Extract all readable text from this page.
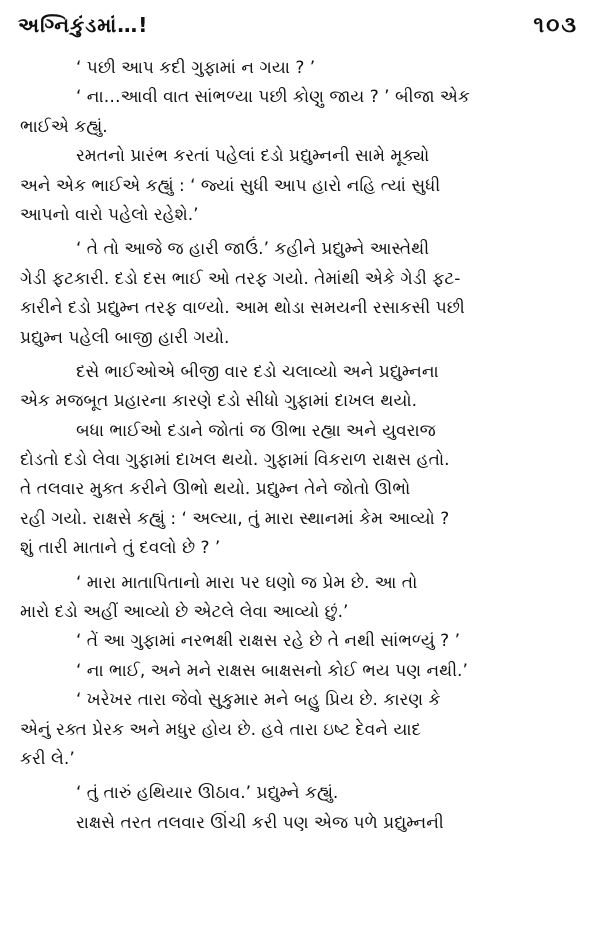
અગ્નિકુંડમાં…!	૧૦૩
‘ પછી આપ કદી ગુફામાં ન ગયા ? ’
‘ ના…આવી વાત સાંભળ્યા પછી કોણુ જાય ? ’ બીજા એક
ભાઈએ કહ્યું.
રમતનો પ્રારંભ કરતાં પહેલાં દડો પ્રદ્યુમ્નની સામે મૂક્યો
અને એક ભાઈએ કહ્યું : ‘ જ્યાં સુધી આપ હારો નહિ ત્યાં સુધી
આપનો વારો પહેલો રહેશે.’
‘ તે તો આજે જ હારી જાઉં.’ કહીને પ્રદ્યુમ્ને આસ્તેથી
ગેડી ફટકારી. દડો દસ ભાઈ ઓ તરફ ગયો. તેમાંથી એકે ગેડી ફટ-
કારીને દડો પ્રદ્યુમ્ન તરફ વાળ્યો. આમ થોડા સમયની રસાકસી પછી
પ્રદ્યુમ્ન પહેલી બાજી હારી ગયો.
દસે ભાઈઓએ બીજી વાર દડો ચલાવ્યો અને પ્રદ્યુમ્નના
એક મજબૂત પ્રહારના કારણે દડો સીધો ગુફામાં દાખલ થયો.
બધા ભાઈઓ દડાને જોતાં જ ઊભા રહ્યા અને યુવરાજ
દોડતો દડો લેવા ગુફામાં દાખલ થયો. ગુફામાં વિકરાળ રાક્ષસ હતો.
તે તલવાર મુક્ત કરીને ઊભો થયો. પ્રદ્યુમ્ન તેને જોતો ઊભો
રહી ગયો. રાક્ષસે કહ્યું : ‘ અલ્યા, તું મારા સ્થાનમાં કેમ આવ્યો ?
શું તારી માતાને તું દવલો છે ? ’
‘ મારા માતાપિતાનો મારા પર ઘણો જ પ્રેમ છે. આ તો
મારો દડો અહીં આવ્યો છે એટલે લેવા આવ્યો છું.’
‘ તેં આ ગુફામાં નરભક્ષી રાક્ષસ રહે છે તે નથી સાંભળ્યું ? ’
‘ ના ભાઈ, અને મને રાક્ષસ બાક્ષસનો કોઈ ભય પણ નથી.’
‘ ખરેખર તારા જેવો સુકુમાર મને બહુ પ્રિય છે. કારણ કે
એનું રક્ત પ્રેરક અને મધુર હોય છે. હવે તારા ઇષ્ટ દેવને યાદ
કરી લે.’
‘ તું તારું હથિયાર ઊઠાવ.’ પ્રદ્યુમ્ને કહ્યું.
રાક્ષસે તરત તલવાર ઊંચી કરી પણ એજ પળે પ્રદ્યુમ્નની
